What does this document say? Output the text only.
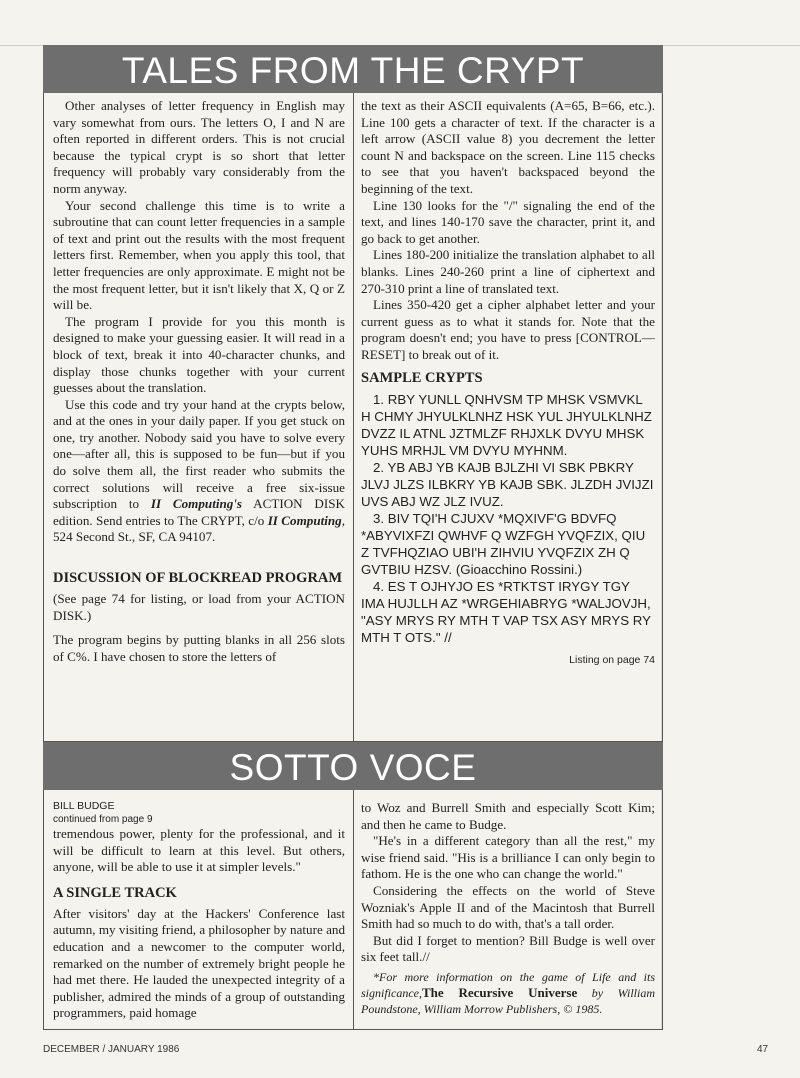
TALES FROM THE CRYPT

Other analyses of letter frequency in English may vary somewhat from ours. The letters O, I and N are often reported in different orders. This is not crucial because the typical crypt is so short that letter frequency will probably vary considerably from the norm anyway.

Your second challenge this time is to write a subroutine that can count letter frequencies in a sample of text and print out the results with the most frequent letters first. Remember, when you apply this tool, that letter frequencies are only approximate. E might not be the most frequent letter, but it isn't likely that X, Q or Z will be.

The program I provide for you this month is designed to make your guessing easier. It will read in a block of text, break it into 40-character chunks, and display those chunks together with your current guesses about the translation.

Use this code and try your hand at the crypts below, and at the ones in your daily paper. If you get stuck on one, try another. Nobody said you have to solve every one—after all, this is supposed to be fun—but if you do solve them all, the first reader who submits the correct solutions will receive a free six-issue subscription to II Computing's ACTION DISK edition. Send entries to The CRYPT, c/o II Computing, 524 Second St., SF, CA 94107.

DISCUSSION OF BLOCKREAD PROGRAM

(See page 74 for listing, or load from your ACTION DISK.)

The program begins by putting blanks in all 256 slots of C%. I have chosen to store the letters of

the text as their ASCII equivalents (A=65, B=66, etc.). Line 100 gets a character of text. If the character is a left arrow (ASCII value 8) you decrement the letter count N and backspace on the screen. Line 115 checks to see that you haven't backspaced beyond the beginning of the text.

Line 130 looks for the "/" signaling the end of the text, and lines 140-170 save the character, print it, and go back to get another.

Lines 180-200 initialize the translation alphabet to all blanks. Lines 240-260 print a line of ciphertext and 270-310 print a line of translated text.

Lines 350-420 get a cipher alphabet letter and your current guess as to what it stands for. Note that the program doesn't end; you have to press [CONTROL—RESET] to break out of it.

SAMPLE CRYPTS

1. RBY YUNLL QNHVSM TP MHSK VSMVKL H CHMY JHYULKLNHZ HSK YUL JHYULKLNHZ DVZZ IL ATNL JZTMLZF RHJXLK DVYU MHSK YUHS MRHJL VM DVYU MYHNM.

2. YB ABJ YB KAJB BJLZHI VI SBK PBKRY JLVJ JLZS ILBKRY YB KAJB SBK. JLZDH JVIJZI UVS ABJ WZ JLZ IVUZ.

3. BIV TQI'H CJUXV *MQXIVF'G BDVFQ *ABYVIXFZI QWHVF Q WZFGH YVQFZIX, QIU Z TVFHQZIAO UBI'H ZIHVIU YVQFZIX ZH Q GVTBIU HZSV. (Gioacchino Rossini.)

4. ES T OJHYJO ES *RTKTST IRYGY TGY IMA HUJLLH AZ *WRGEHIABRYG *WALJOVJH, "ASY MRYS RY MTH T VAP TSX ASY MRYS RY MTH T OTS." //

Listing on page 74
SOTTO VOCE
BILL BUDGE
continued from page 9

tremendous power, plenty for the professional, and it will be difficult to learn at this level. But others, anyone, will be able to use it at simpler levels."

A SINGLE TRACK

After visitors' day at the Hackers' Conference last autumn, my visiting friend, a philosopher by nature and education and a newcomer to the computer world, remarked on the number of extremely bright people he had met there. He lauded the unexpected integrity of a publisher, admired the minds of a group of outstanding programmers, paid homage

to Woz and Burrell Smith and especially Scott Kim; and then he came to Budge.

"He's in a different category than all the rest," my wise friend said. "His is a brilliance I can only begin to fathom. He is the one who can change the world."

Considering the effects on the world of Steve Wozniak's Apple II and of the Macintosh that Burrell Smith had so much to do with, that's a tall order.

But did I forget to mention? Bill Budge is well over six feet tall.//

*For more information on the game of Life and its significance,The Recursive Universe by William Poundstone, William Morrow Publishers, © 1985.

DECEMBER / JANUARY 1986	47
